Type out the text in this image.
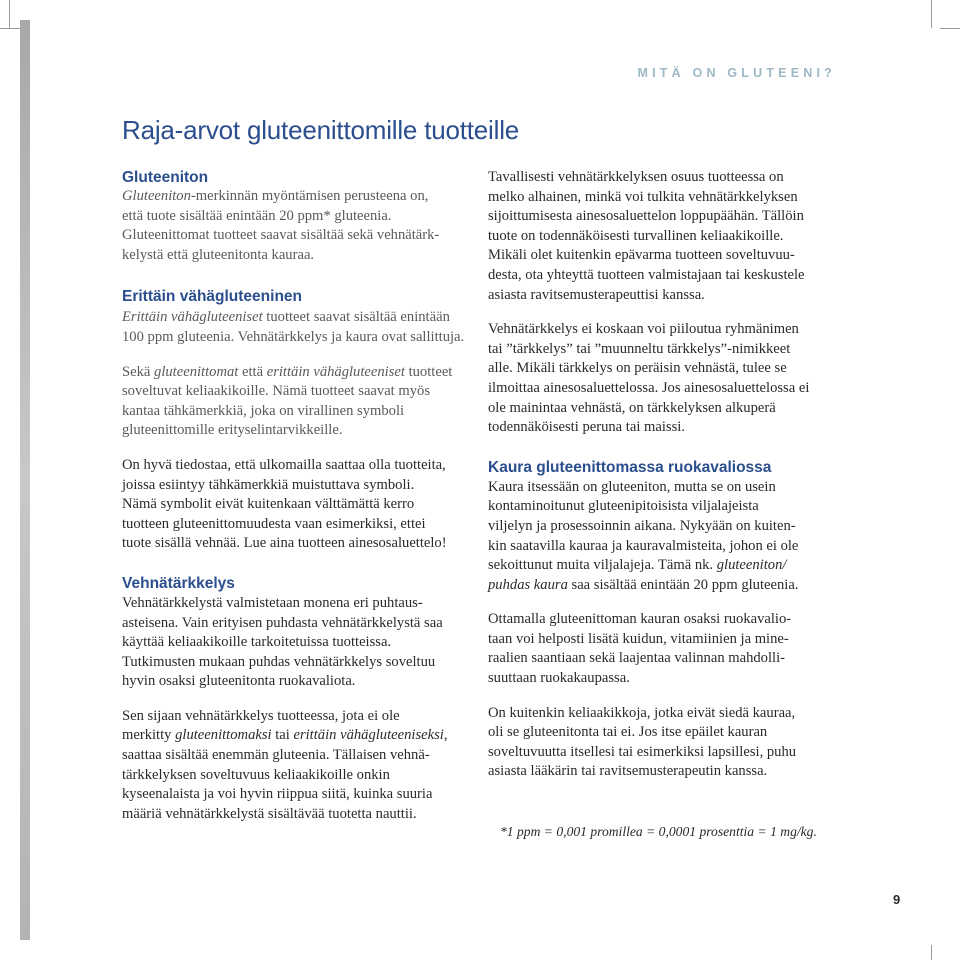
MITÄ ON GLUTEENI?
Raja-arvot gluteenittomille tuotteille
Gluteeniton

Gluteeniton-merkinnän myöntämisen perusteena on,

että tuote sisältää enintään 20 ppm* gluteenia.

Gluteenittomat tuotteet saavat sisältää sekä vehnätärk-

kelystä että gluteenitonta kauraa.

Erittäin vähägluteeninen

Erittäin vähägluteeniset tuotteet saavat sisältää enintään

100 ppm gluteenia. Vehnätärkkelys ja kaura ovat sallittuja.

Sekä gluteenittomat että erittäin vähägluteeniset tuotteet

soveltuvat keliaakikoille. Nämä tuotteet saavat myös

kantaa tähkämerkkiä, joka on virallinen symboli

gluteenittomille erityselintarvikkeille.

On hyvä tiedostaa, että ulkomailla saattaa olla tuotteita,

joissa esiintyy tähkämerkkiä muistuttava symboli.

Nämä symbolit eivät kuitenkaan välttämättä kerro

tuotteen gluteenittomuudesta vaan esimerkiksi, ettei

tuote sisällä vehnää. Lue aina tuotteen ainesosaluettelo!

Vehnätärkkelys

Vehnätärkkelystä valmistetaan monena eri puhtaus-

asteisena. Vain erityisen puhdasta vehnätärkkelystä saa

käyttää keliaakikoille tarkoitetuissa tuotteissa.

Tutkimusten mukaan puhdas vehnätärkkelys soveltuu

hyvin osaksi gluteenitonta ruokavaliota.

Sen sijaan vehnätärkkelys tuotteessa, jota ei ole

merkitty gluteenittomaksi tai erittäin vähägluteeniseksi,

saattaa sisältää enemmän gluteenia. Tällaisen vehnä-

tärkkelyksen soveltuvuus keliaakikoille onkin

kyseenalaista ja voi hyvin riippua siitä, kuinka suuria

määriä vehnätärkkelystä sisältävää tuotetta nauttii.

Tavallisesti vehnätärkkelyksen osuus tuotteessa on

melko alhainen, minkä voi tulkita vehnätärkkelyksen

sijoittumisesta ainesosaluettelon loppupäähän. Tällöin

tuote on todennäköisesti turvallinen keliaakikoille.

Mikäli olet kuitenkin epävarma tuotteen soveltuvuu-

desta, ota yhteyttä tuotteen valmistajaan tai keskustele

asiasta ravitsemusterapeuttisi kanssa.

Vehnätärkkelys ei koskaan voi piiloutua ryhmänimen

tai ”tärkkelys” tai ”muunneltu tärkkelys”-nimikkeet

alle. Mikäli tärkkelys on peräisin vehnästä, tulee se

ilmoittaa ainesosaluettelossa. Jos ainesosaluettelossa ei

ole mainintaa vehnästä, on tärkkelyksen alkuperä

todennäköisesti peruna tai maissi.

Kaura gluteenittomassa ruokavaliossa

Kaura itsessään on gluteeniton, mutta se on usein

kontaminoitunut gluteenipitoisista viljalajeista

viljelyn ja prosessoinnin aikana. Nykyään on kuiten-

kin saatavilla kauraa ja kauravalmisteita, johon ei ole

sekoittunut muita viljalajeja. Tämä nk. gluteeniton/

puhdas kaura saa sisältää enintään 20 ppm gluteenia.

Ottamalla gluteenittoman kauran osaksi ruokavalio-

taan voi helposti lisätä kuidun, vitamiinien ja mine-

raalien saantiaan sekä laajentaa valinnan mahdolli-

suuttaan ruokakaupassa.

On kuitenkin keliaakikkoja, jotka eivät siedä kauraa,

oli se gluteenitonta tai ei. Jos itse epäilet kauran

soveltuvuutta itsellesi tai esimerkiksi lapsillesi, puhu

asiasta lääkärin tai ravitsemusterapeutin kanssa.

*1 ppm = 0,001 promillea = 0,0001 prosenttia = 1 mg/kg.
9
